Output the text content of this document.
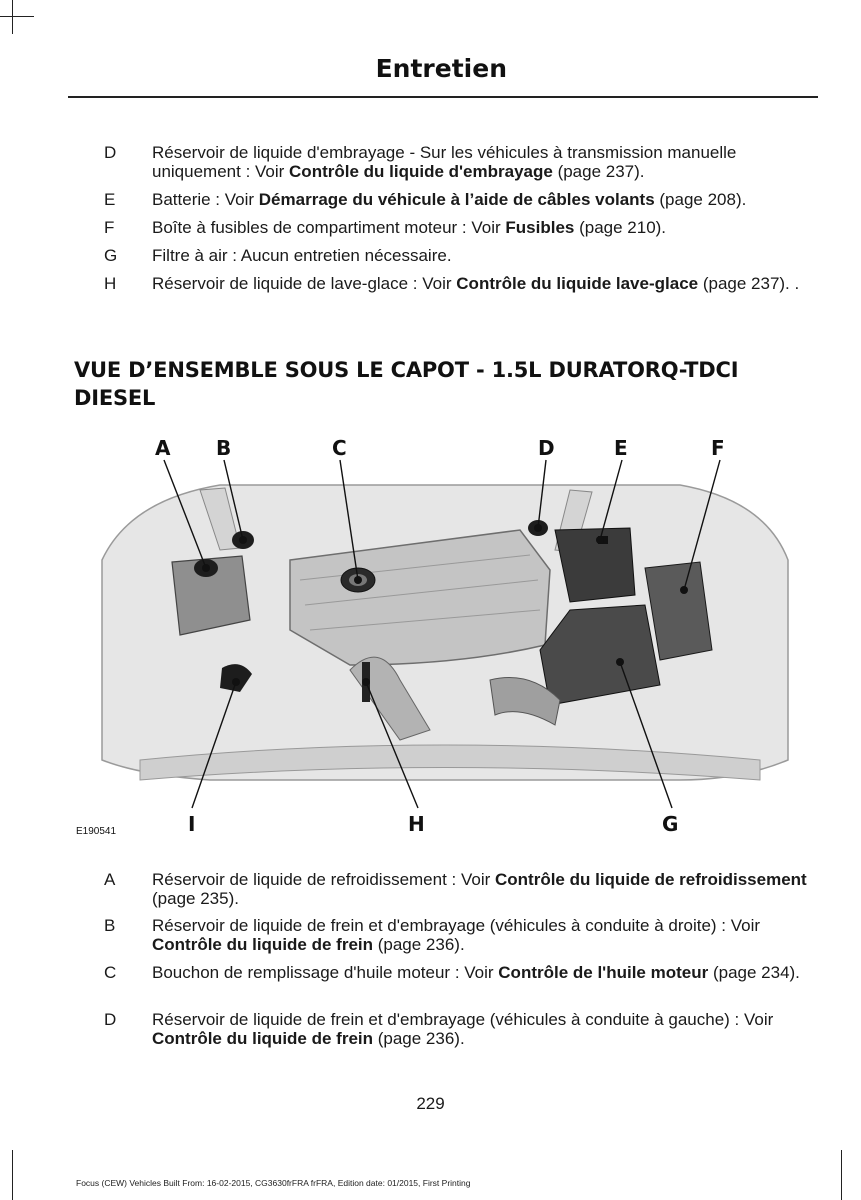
Entretien
D Réservoir de liquide d'embrayage - Sur les véhicules à transmission manuelle uniquement : Voir Contrôle du liquide d'embrayage (page 237).
E Batterie : Voir Démarrage du véhicule à l’aide de câbles volants (page 208).
F Boîte à fusibles de compartiment moteur : Voir Fusibles (page 210).
G Filtre à air : Aucun entretien nécessaire.
H Réservoir de liquide de lave-glace : Voir Contrôle du liquide lave-glace (page 237). .
VUE D’ENSEMBLE SOUS LE CAPOT - 1.5L DURATORQ-TDCI DIESEL
A B	C	D	E	F
I	H	G
E190541
A Réservoir de liquide de refroidissement : Voir Contrôle du liquide de refroidissement (page 235).
B Réservoir de liquide de frein et d'embrayage (véhicules à conduite à droite) : Voir Contrôle du liquide de frein (page 236).
C Bouchon de remplissage d'huile moteur : Voir Contrôle de l'huile moteur (page 234).
D Réservoir de liquide de frein et d'embrayage (véhicules à conduite à gauche) : Voir Contrôle du liquide de frein (page 236).
229
Focus (CEW) Vehicles Built From: 16-02-2015, CG3630frFRA frFRA, Edition date: 01/2015, First Printing
